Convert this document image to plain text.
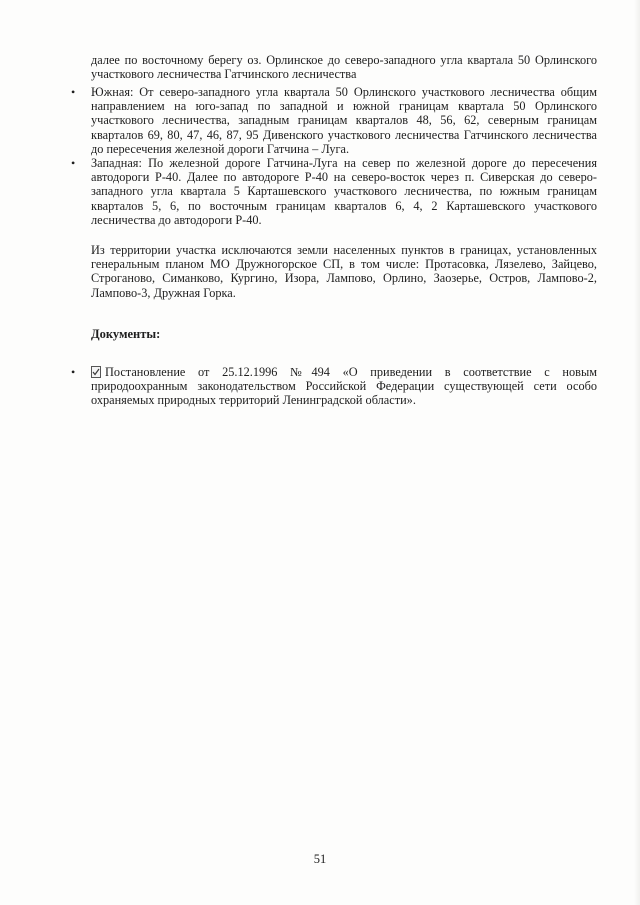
далее по восточному берегу оз. Орлинское до северо-западного угла квартала 50 Орлинского участкового лесничества Гатчинского лесничества
• Южная: От северо-западного угла квартала 50 Орлинского участкового лесничества общим направлением на юго-запад по западной и южной границам квартала 50 Орлинского участкового лесничества, западным границам кварталов 48, 56, 62, северным границам кварталов 69, 80, 47, 46, 87, 95 Дивенского участкового лесничества Гатчинского лесничества до пересечения железной дороги Гатчина – Луга.
• Западная: По железной дороге Гатчина-Луга на север по железной дороге до пересечения автодороги Р-40. Далее по автодороге Р-40 на северо-восток через п. Сиверская до северо-западного угла квартала 5 Карташевского участкового лесничества, по южным границам кварталов 5, 6, по восточным границам кварталов 6, 4, 2 Карташевского участкового лесничества до автодороги Р-40.
Из территории участка исключаются земли населенных пунктов в границах, установленных генеральным планом МО Дружногорское СП, в том числе: Протасовка, Лязелево, Зайцево, Строганово, Симанково, Кургино, Изора, Лампово, Орлино, Заозерье, Остров, Лампово-2, Лампово-3, Дружная Горка.
Документы:
• Постановление от 25.12.1996 №494 «О приведении в соответствие с новым природоохранным законодательством Российской Федерации существующей сети особо охраняемых природных территорий Ленинградской области».
51
